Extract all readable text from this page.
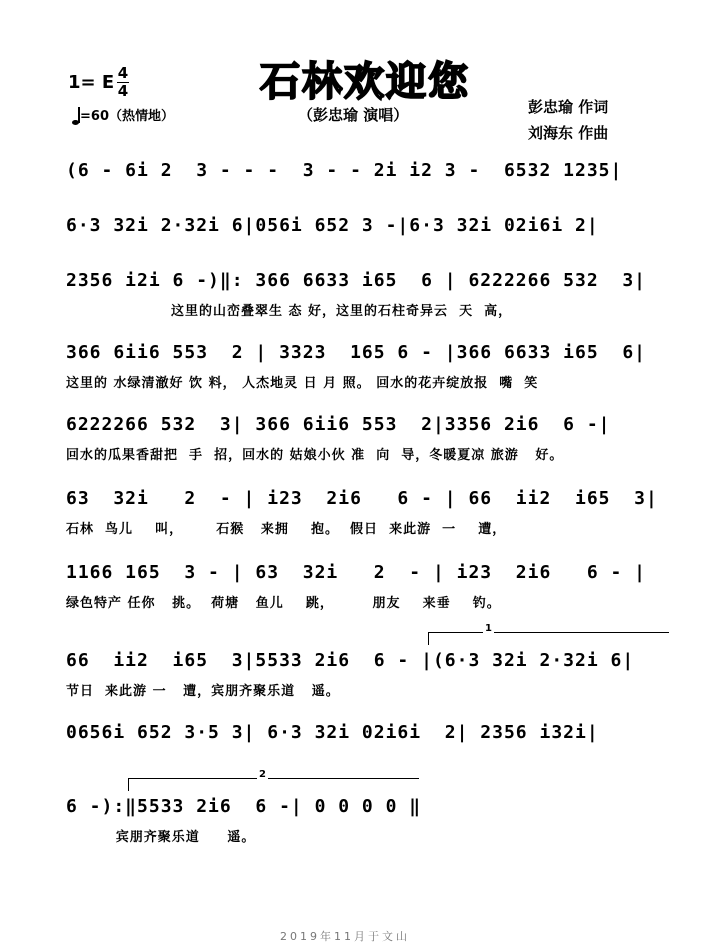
石林欢迎您
（彭忠瑜 演唱）
1= E 4
4
=60（热情地）
彭忠瑜 作词
刘海东 作曲
(6 - 6i 2  3 - - -  3 - - 2i i2 3 -  6532 1235|
6·3 32i 2·32i 6|056i 652 3 -|6·3 32i 02i6i 2|
2356 i2i 6 -)‖: 366 6633 i65  6 | 6222266 532  3|
这里的山峦叠翠生 态 好，这里的石柱奇异云  天  高，
366 6ii6 553  2 | 3323  165 6 - |366 6633 i65  6|
这里的 水绿清澈好 饮 料， 人杰地灵 日 月 照。 回水的花卉绽放报  嘴  笑
6222266 532  3| 366 6ii6 553  2|3356 2i6  6 -|
回水的瓜果香甜把  手  招，回水的 姑娘小伙 准  向  导，冬暖夏凉 旅游   好。
63  32i   2  - | i23  2i6   6 - | 66  ii2  i65  3|
石林  鸟儿    叫，      石猴   来拥    抱。  假日  来此游  一    遭，
1166 165  3 - | 63  32i   2  - | i23  2i6   6 - |
绿色特产 任你   挑。  荷塘   鱼儿    跳，       朋友    来垂    钓。
1
66  ii2  i65  3|5533 2i6  6 - |(6·3 32i 2·32i 6|
节日  来此游 一   遭，宾朋齐聚乐道   遥。
0656i 652 3·5 3| 6·3 32i 02i6i  2| 2356 i32i|
2
6 -):‖5533 2i6  6 -| 0 0 0 0 ‖
宾朋齐聚乐道     遥。
2019年11月于文山
